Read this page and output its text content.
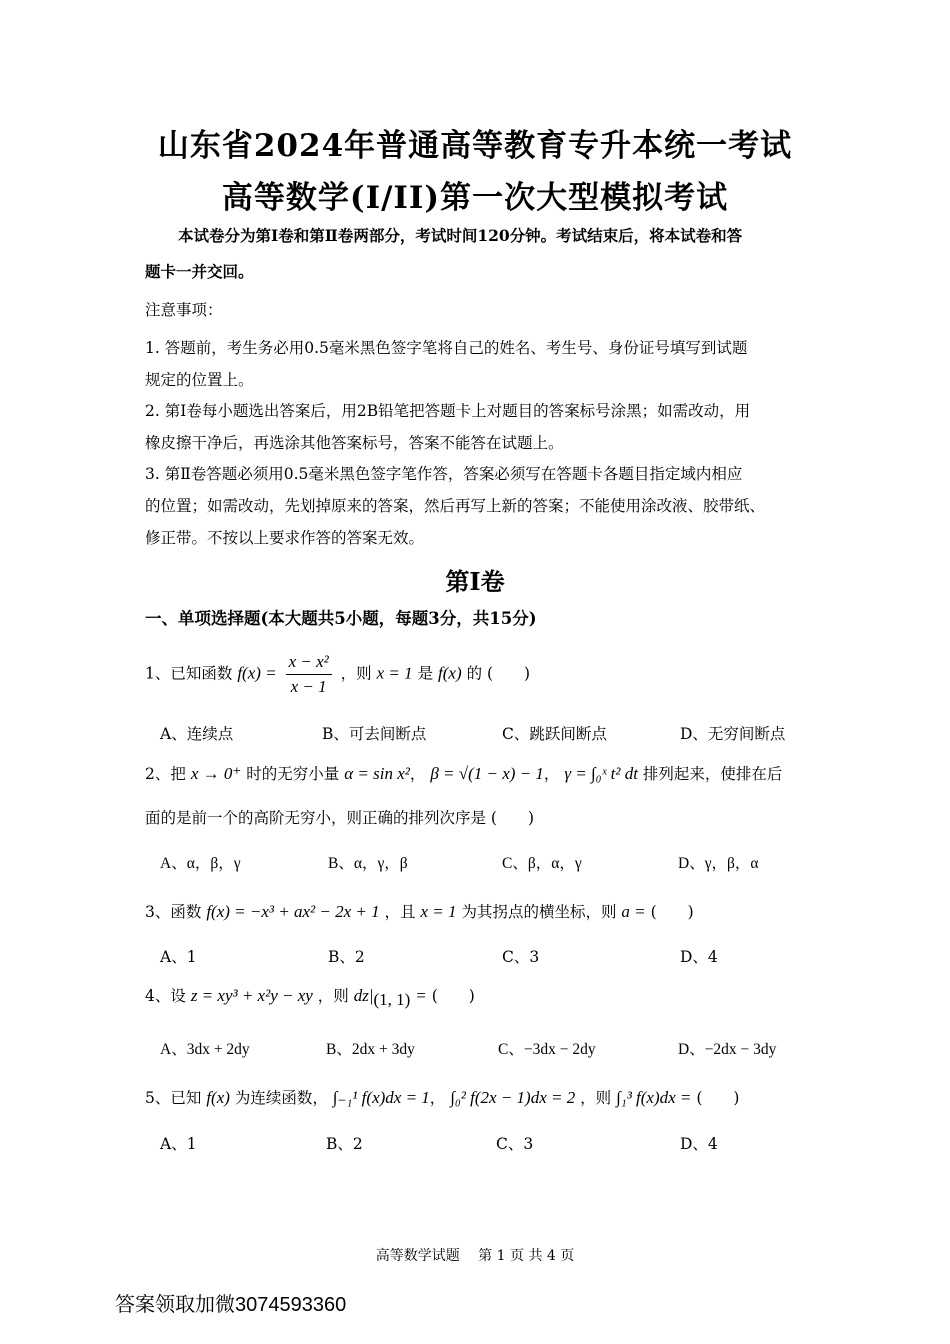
山东省2024年普通高等教育专升本统一考试
高等数学(I/II)第一次大型模拟考试
本试卷分为第Ⅰ卷和第Ⅱ卷两部分，考试时间120分钟。考试结束后，将本试卷和答
题卡一并交回。
注意事项：
1. 答题前，考生务必用0.5毫米黑色签字笔将自己的姓名、考生号、身份证号填写到试题
规定的位置上。
2. 第Ⅰ卷每小题选出答案后，用2B铅笔把答题卡上对题目的答案标号涂黑；如需改动，用
橡皮擦干净后，再选涂其他答案标号，答案不能答在试题上。
3. 第Ⅱ卷答题必须用0.5毫米黑色签字笔作答，答案必须写在答题卡各题目指定域内相应
的位置；如需改动，先划掉原来的答案，然后再写上新的答案；不能使用涂改液、胶带纸、
修正带。不按以上要求作答的答案无效。
第I卷
一、单项选择题(本大题共5小题，每题3分，共15分)
1、已知函数 $f(x) = \frac{\text{x − x²}}{x - 1}$ ，则 x = 1 是 f(x) 的 (　　)
A、连续点	B、可去间断点	C、跳跃间断点	D、无穷间断点
2、把 x → 0⁺ 时的无穷小量 α = sin x²， β = √(1 − x) − 1， γ = ∫₀ˣ t² dt 排列起来，使排在后
面的是前一个的高阶无穷小，则正确的排列次序是 (　　)
A、α，β，γ	B、α，γ，β	C、β，α，γ	D、γ，β，α
3、函数 f(x) = −x³ + ax² − 2x + 1 ，且 x = 1 为其拐点的横坐标，则 a = (　　)
A、1	B、2	C、3	D、4
4、设 z = xy³ + x²y − xy ，则 $dz|_{(1, 1)}$ = (　　)
A、3dx + 2dy	B、2dx + 3dy	C、−3dx − 2dy	D、−2dx − 3dy
5、已知 f(x) 为连续函数， ∫₋₁¹ f(x)dx = 1， ∫₀² f(2x − 1)dx = 2 ，则 ∫₁³ f(x)dx = (　　)
A、1	B、2	C、3	D、4
高等数学试题　 第 1 页 共 4 页
答案领取加微3074593360
